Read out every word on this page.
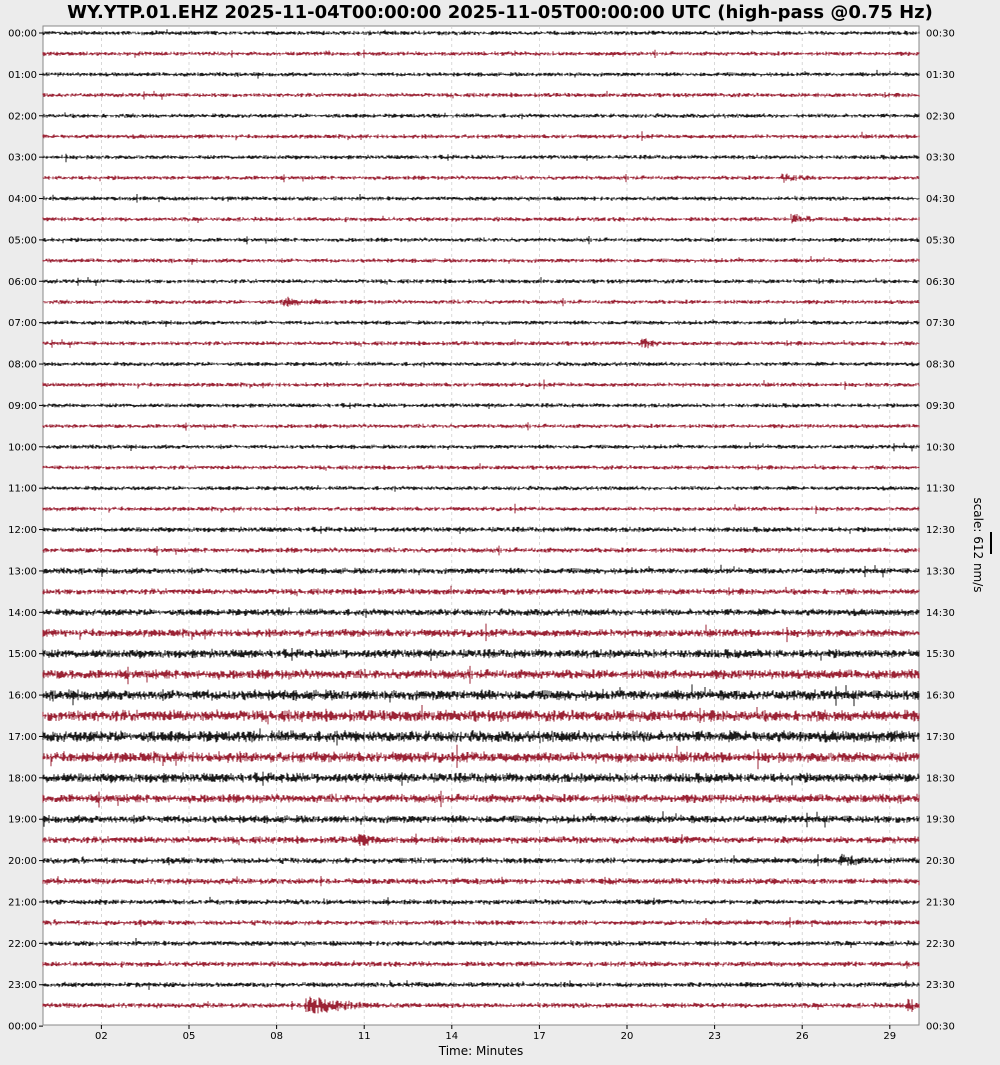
WY.YTP.01.EHZ 2025-11-04T00:00:00 2025-11-05T00:00:00 UTC (high-pass @0.75 Hz)
00:00
01:00
02:00
03:00
04:00
05:00
06:00
07:00
08:00
09:00
10:00
11:00
12:00
13:00
14:00
15:00
16:00
17:00
18:00
19:00
20:00
21:00
22:00
23:00
00:00
00:30
01:30
02:30
03:30
04:30
05:30
06:30
07:30
08:30
09:30
10:30
11:30
12:30
13:30
14:30
15:30
16:30
17:30
18:30
19:30
20:30
21:30
22:30
23:30
00:30
02	05	08	11	14	17	20	23	26	29
Time: Minutes
scale: 612 nm/s
